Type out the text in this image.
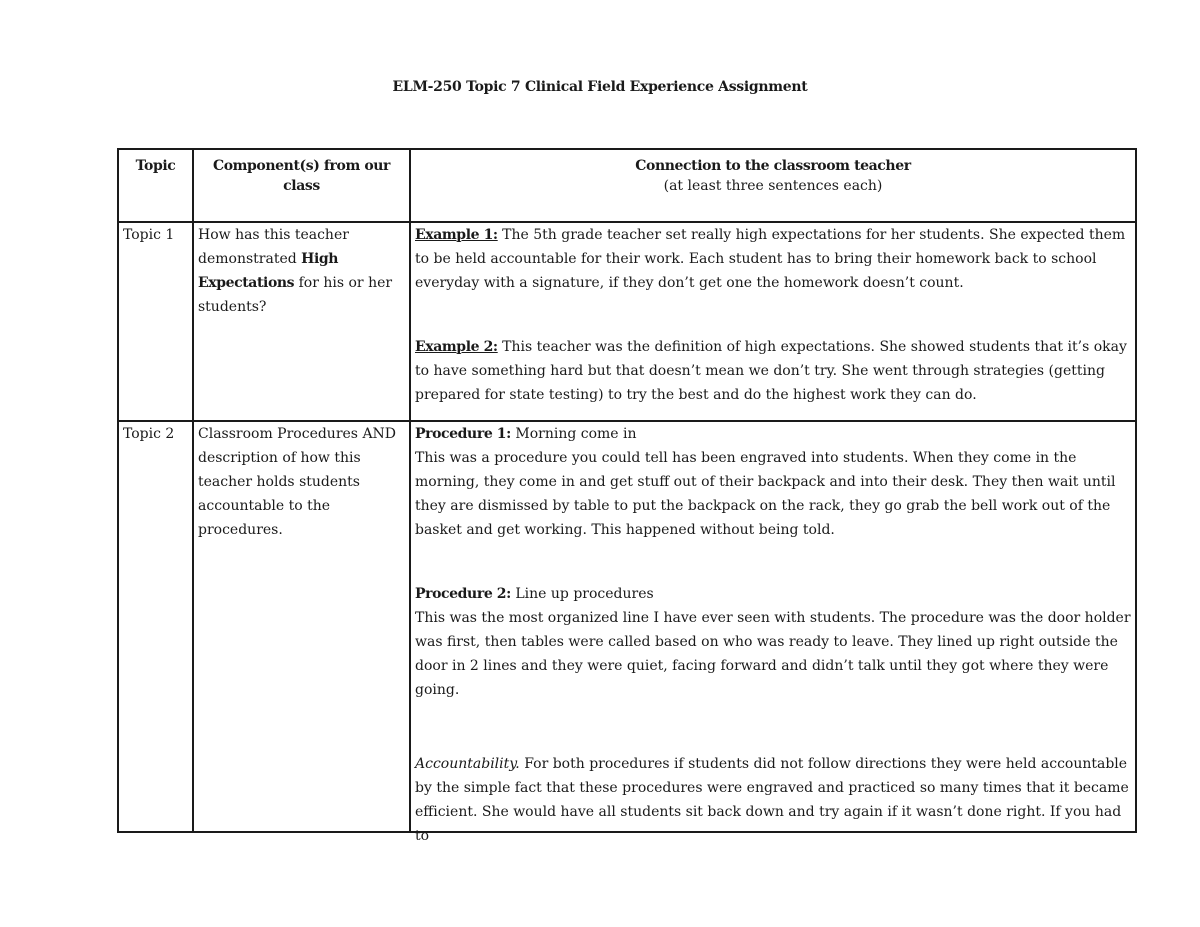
ELM-250 Topic 7 Clinical Field Experience Assignment
Topic	Component(s) from our class	Connection to the classroom teacher
(at least three sentences each)

Topic 1	How has this teacher demonstrated High Expectations for his or her students?	Example 1: The 5th grade teacher set really high expectations for her students. She expected them to be held accountable for their work. Each student has to bring their homework back to school everyday with a signature, if they don’t get one the homework doesn’t count.
Example 2: This teacher was the definition of high expectations. She showed students that it’s okay to have something hard but that doesn’t mean we don’t try. She went through strategies (getting prepared for state testing) to try the best and do the highest work they can do.

Topic 2	Classroom Procedures AND description of how this teacher holds students accountable to the procedures.	Procedure 1: Morning come in
This was a procedure you could tell has been engraved into students. When they come in the morning, they come in and get stuff out of their backpack and into their desk. They then wait until they are dismissed by table to put the backpack on the rack, they go grab the bell work out of the basket and get working. This happened without being told.
Procedure 2: Line up procedures
This was the most organized line I have ever seen with students. The procedure was the door holder was first, then tables were called based on who was ready to leave. They lined up right outside the door in 2 lines and they were quiet, facing forward and didn’t talk until they got where they were going.
Accountability. For both procedures if students did not follow directions they were held accountable by the simple fact that these procedures were engraved and practiced so many times that it became efficient. She would have all students sit back down and try again if it wasn’t done right. If you had to
